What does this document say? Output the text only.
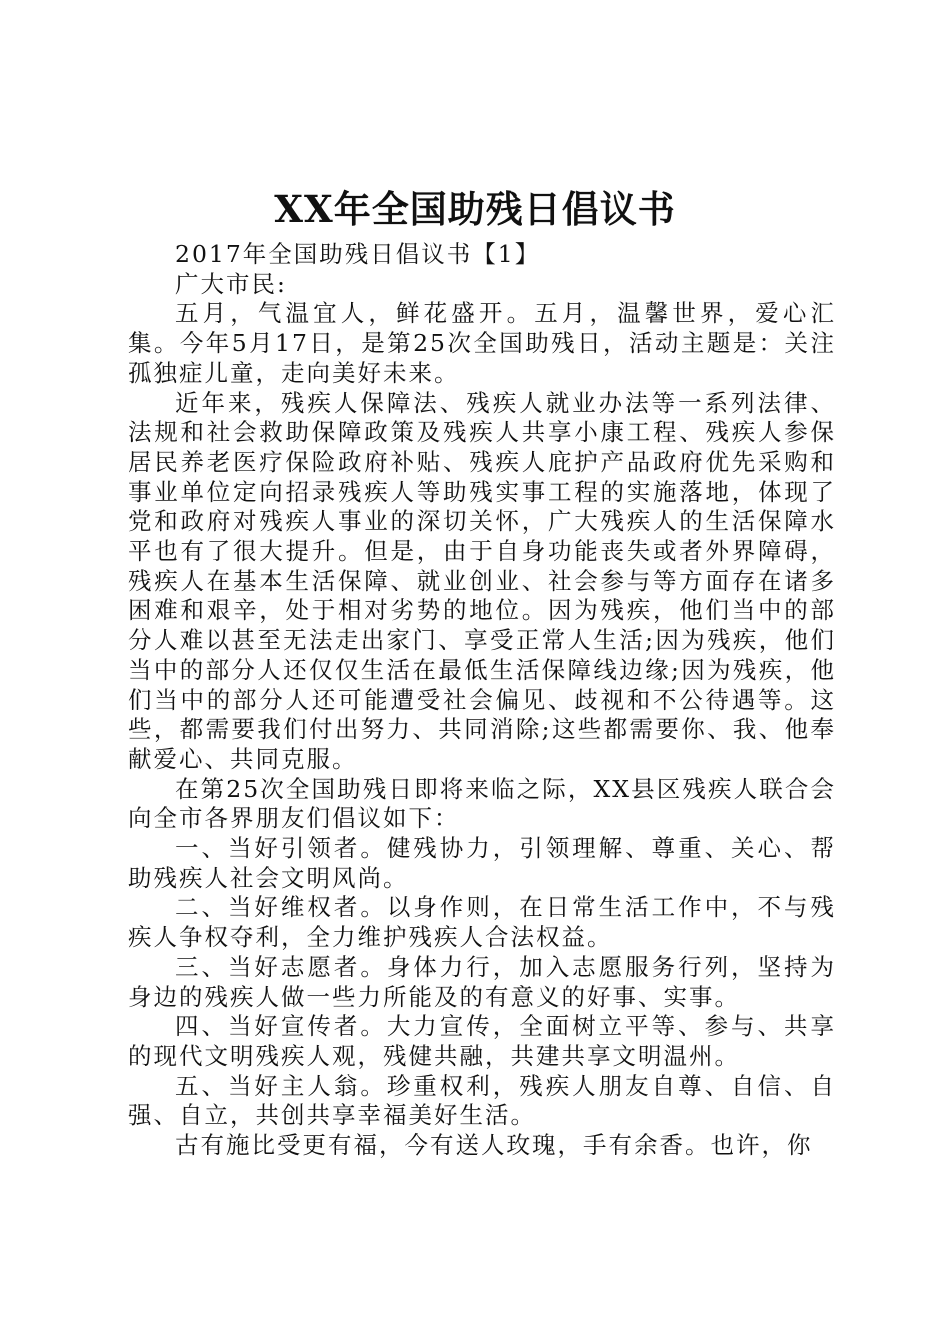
XX年全国助残日倡议书

2017年全国助残日倡议书【1】

广大市民:

五月，气温宜人，鲜花盛开。五月，温馨世界，爱心汇集。今年5月17日，是第25次全国助残日，活动主题是：关注孤独症儿童，走向美好未来。

近年来，残疾人保障法、残疾人就业办法等一系列法律、法规和社会救助保障政策及残疾人共享小康工程、残疾人参保居民养老医疗保险政府补贴、残疾人庇护产品政府优先采购和事业单位定向招录残疾人等助残实事工程的实施落地，体现了党和政府对残疾人事业的深切关怀，广大残疾人的生活保障水平也有了很大提升。但是，由于自身功能丧失或者外界障碍，残疾人在基本生活保障、就业创业、社会参与等方面存在诸多困难和艰辛，处于相对劣势的地位。因为残疾，他们当中的部分人难以甚至无法走出家门、享受正常人生活;因为残疾，他们当中的部分人还仅仅生活在最低生活保障线边缘;因为残疾，他们当中的部分人还可能遭受社会偏见、歧视和不公待遇等。这些，都需要我们付出努力、共同消除;这些都需要你、我、他奉献爱心、共同克服。

在第25次全国助残日即将来临之际，XX县区残疾人联合会向全市各界朋友们倡议如下：

一、当好引领者。健残协力，引领理解、尊重、关心、帮助残疾人社会文明风尚。

二、当好维权者。以身作则，在日常生活工作中，不与残疾人争权夺利，全力维护残疾人合法权益。

三、当好志愿者。身体力行，加入志愿服务行列，坚持为身边的残疾人做一些力所能及的有意义的好事、实事。

四、当好宣传者。大力宣传，全面树立平等、参与、共享的现代文明残疾人观，残健共融，共建共享文明温州。

五、当好主人翁。珍重权利，残疾人朋友自尊、自信、自强、自立，共创共享幸福美好生活。

古有施比受更有福，今有送人玫瑰，手有余香。也许，你
